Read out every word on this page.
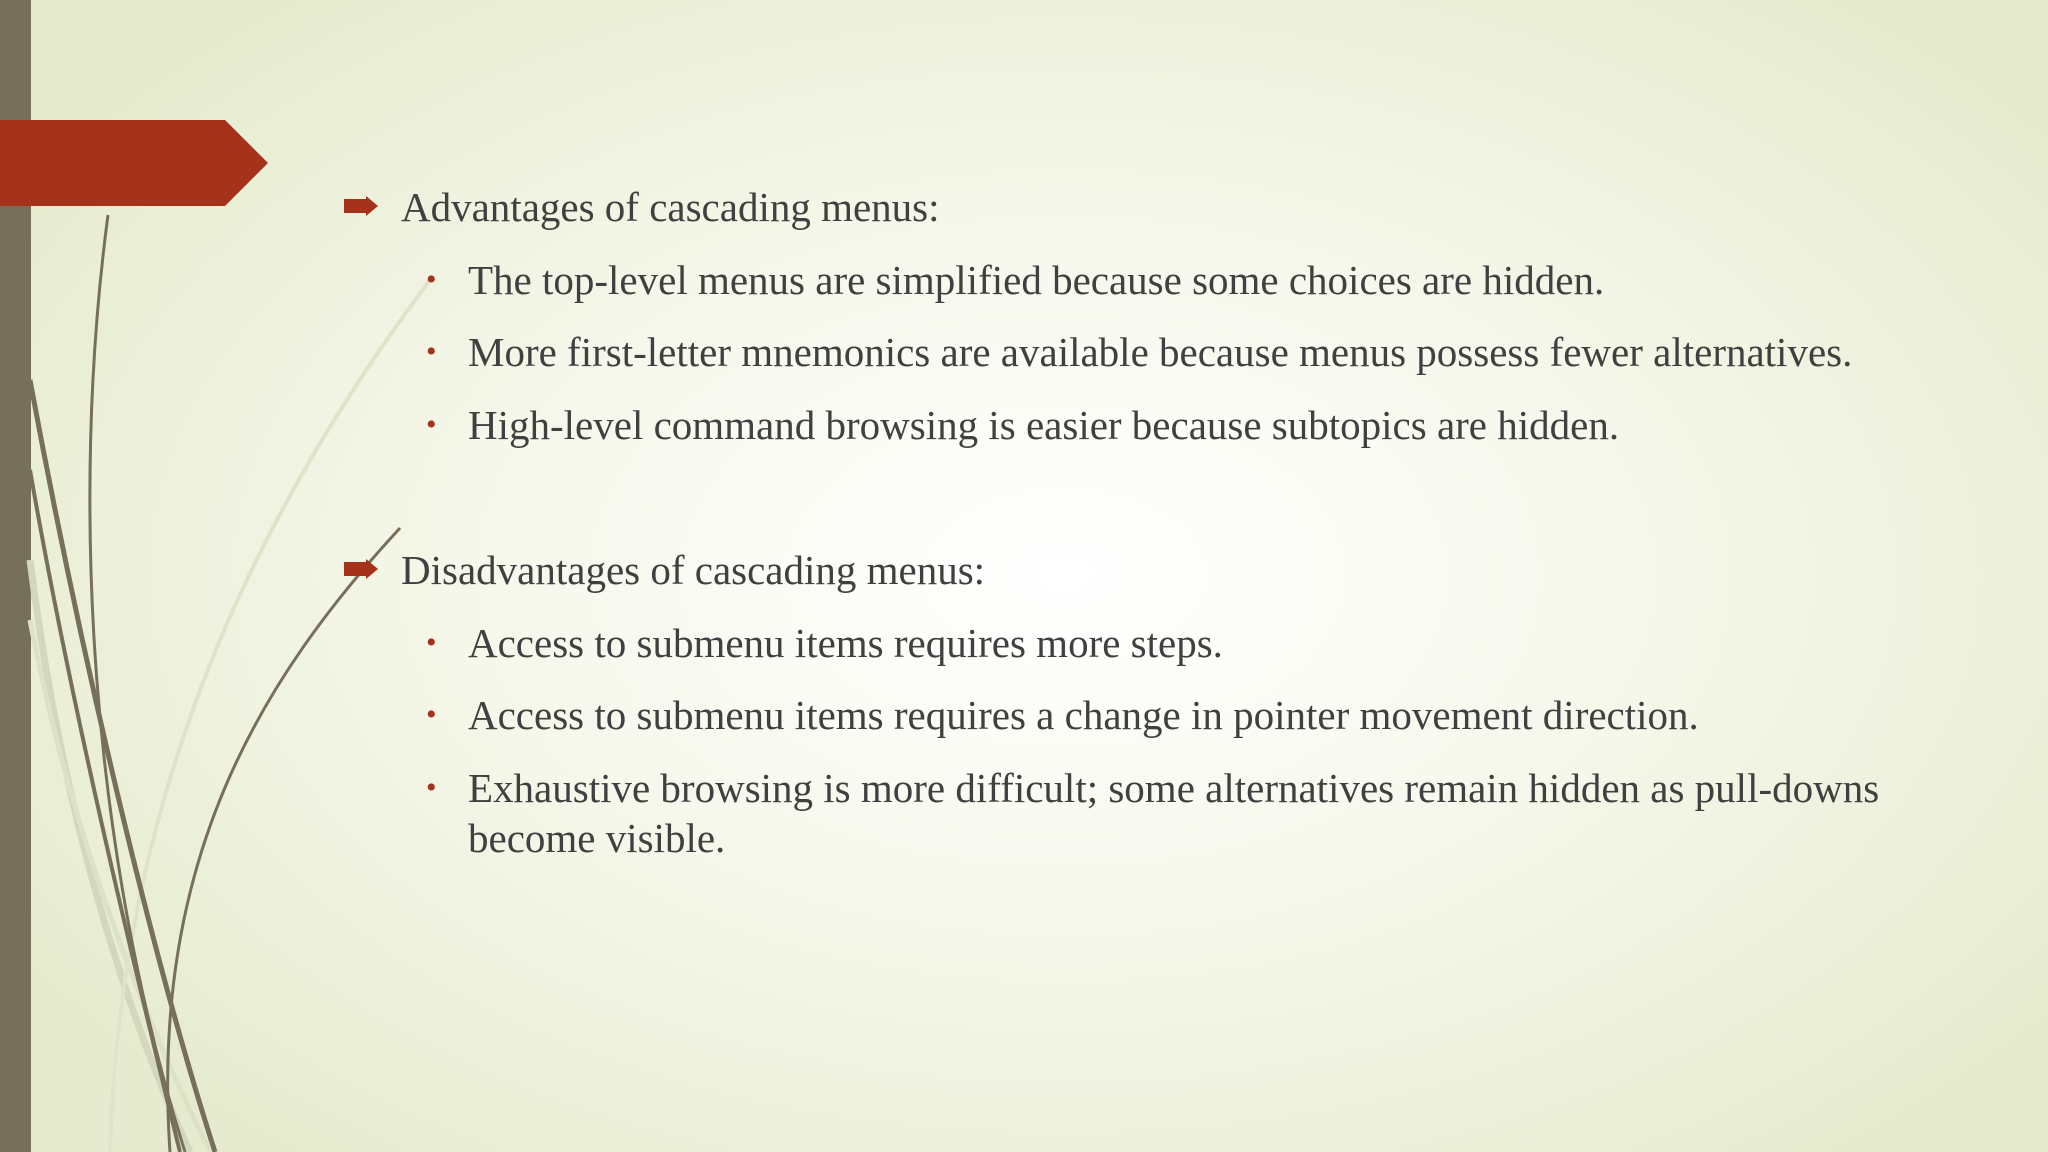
Advantages of cascading menus:
• The top-level menus are simplified because some choices are hidden.
• More first-letter mnemonics are available because menus possess fewer alternatives.
• High-level command browsing is easier because subtopics are hidden.
Disadvantages of cascading menus:
• Access to submenu items requires more steps.
• Access to submenu items requires a change in pointer movement direction.
• Exhaustive browsing is more difficult; some alternatives remain hidden as pull-downs become visible.
